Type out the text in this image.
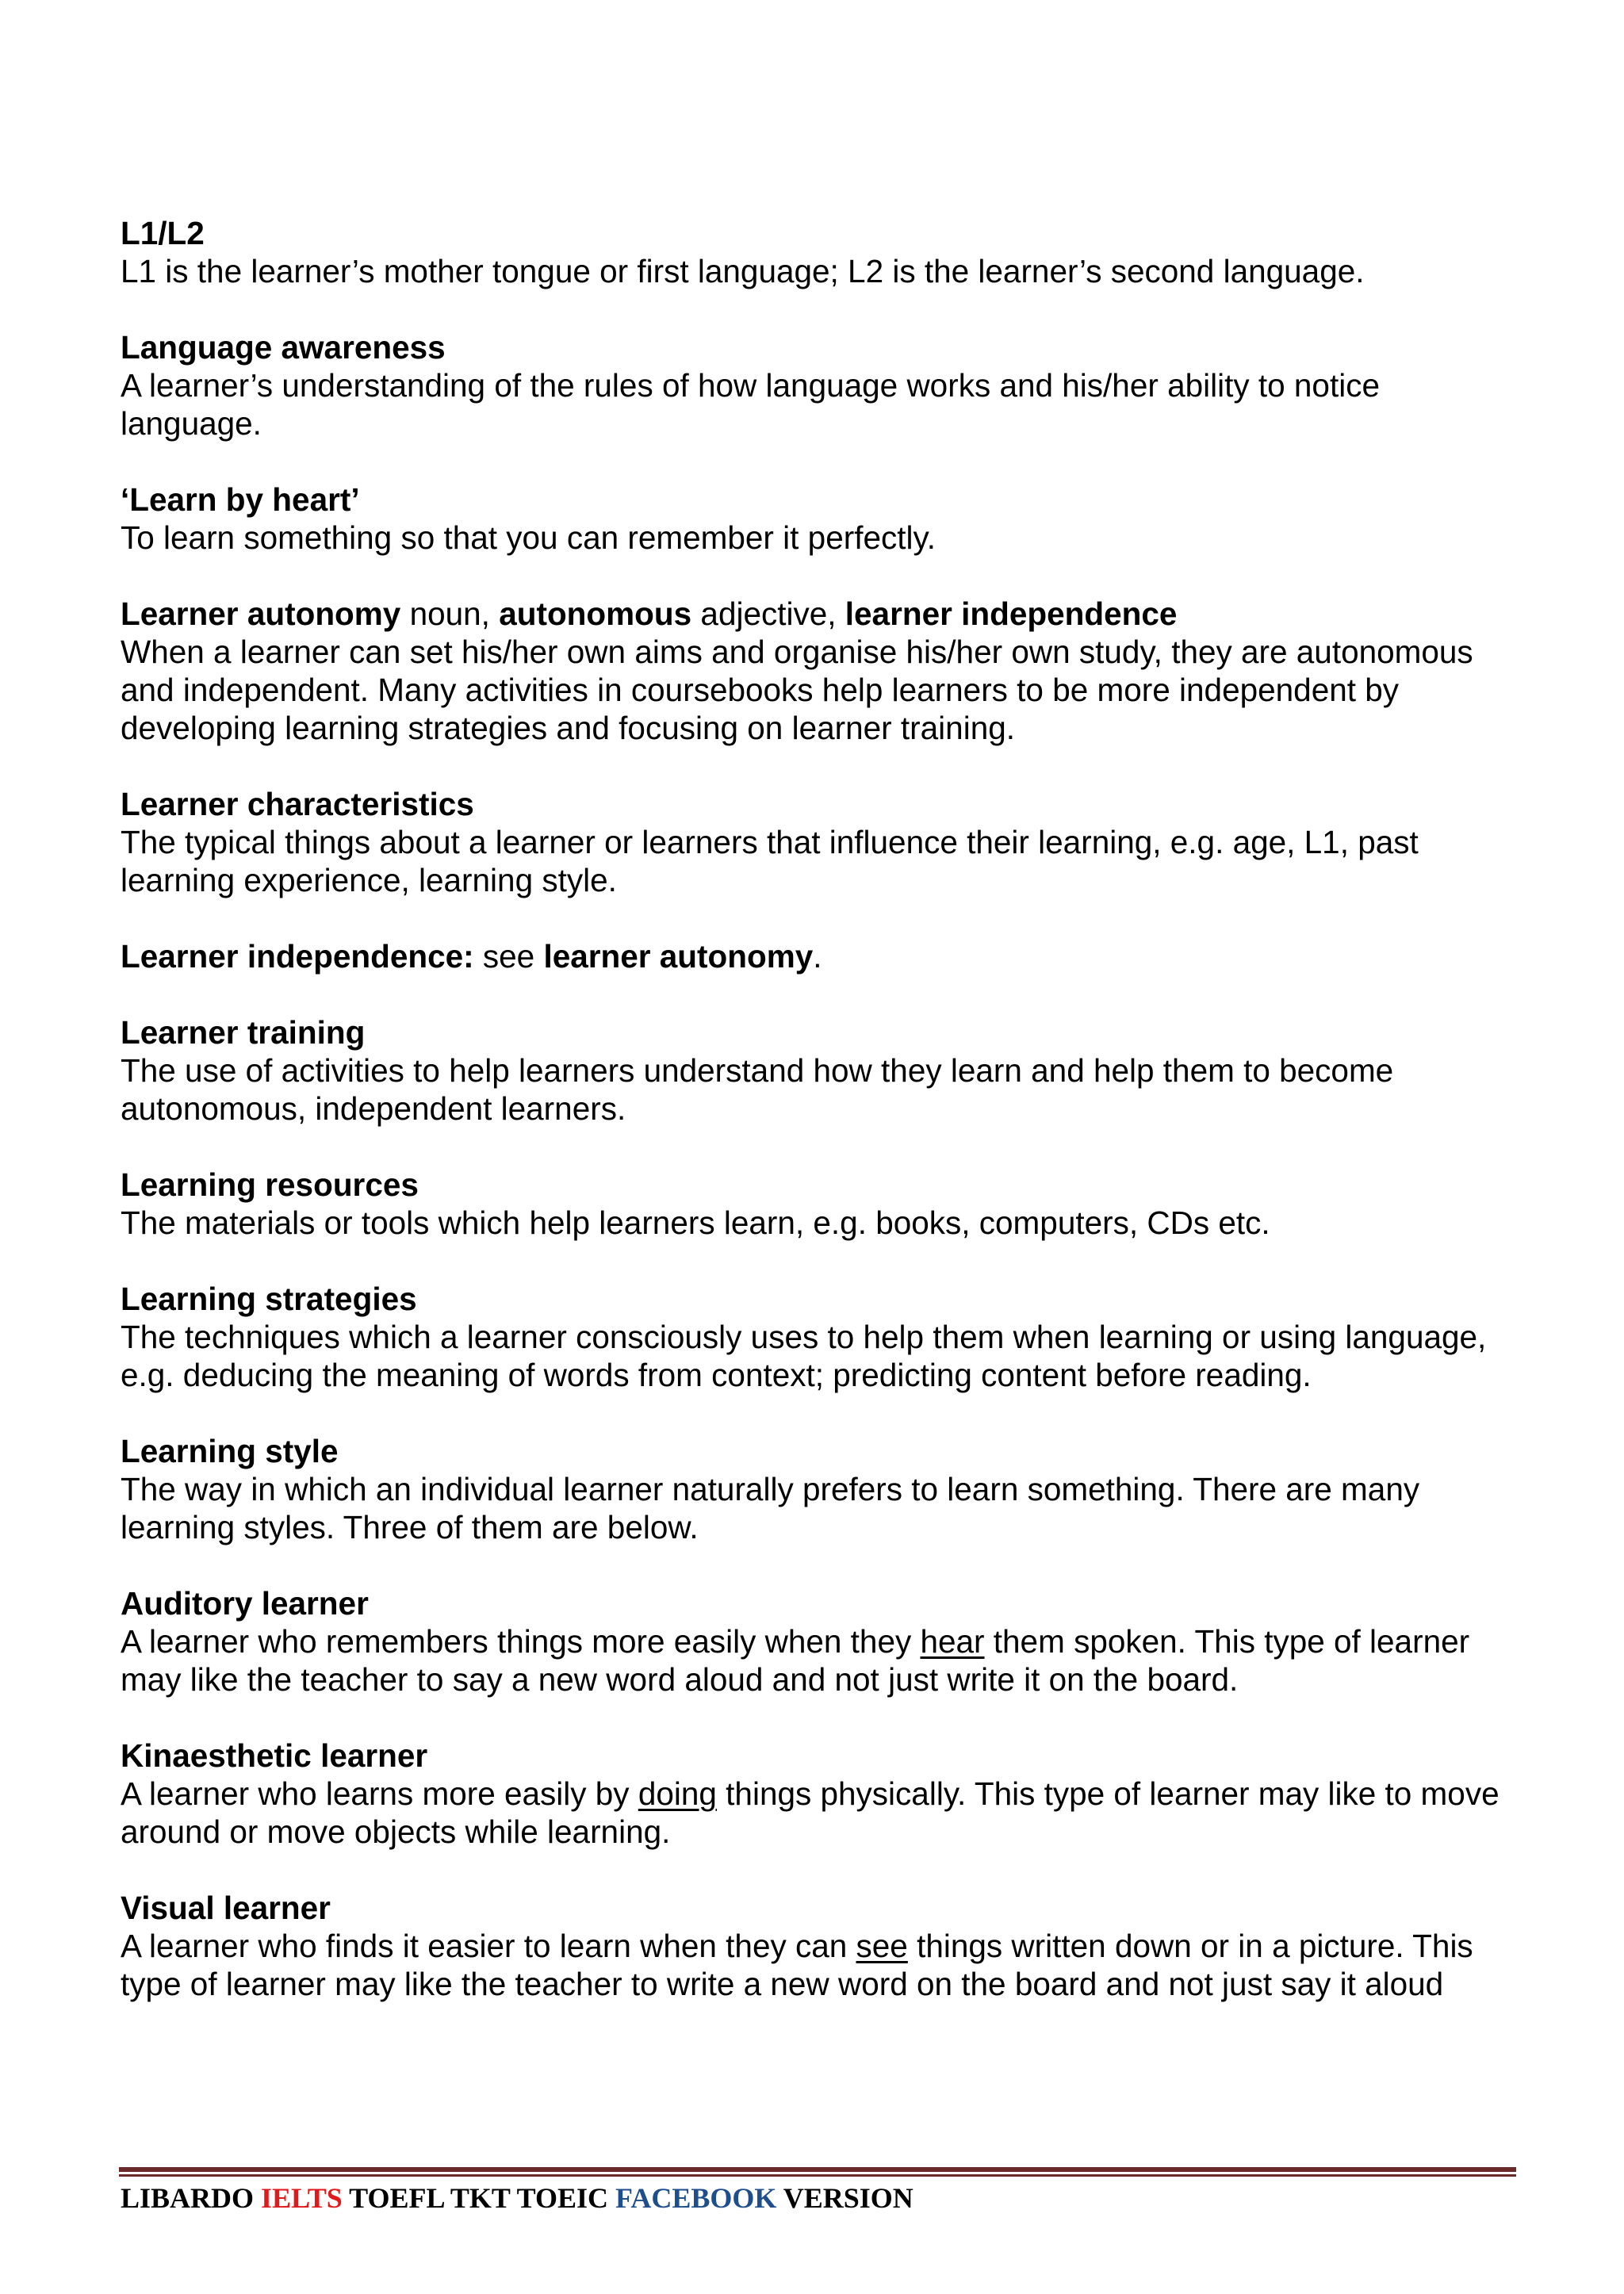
L1/L2

L1 is the learner’s mother tongue or first language; L2 is the learner’s second language.

Language awareness

A learner’s understanding of the rules of how language works and his/her ability to notice language.

‘Learn by heart’

To learn something so that you can remember it perfectly.

Learner autonomy noun, autonomous adjective, learner independence

When a learner can set his/her own aims and organise his/her own study, they are autonomous and independent. Many activities in coursebooks help learners to be more independent by developing learning strategies and focusing on learner training.

Learner characteristics

The typical things about a learner or learners that influence their learning, e.g. age, L1, past learning experience, learning style.

Learner independence: see learner autonomy.

Learner training

The use of activities to help learners understand how they learn and help them to become autonomous, independent learners.

Learning resources

The materials or tools which help learners learn, e.g. books, computers, CDs etc.

Learning strategies

The techniques which a learner consciously uses to help them when learning or using language, e.g. deducing the meaning of words from context; predicting content before reading.

Learning style

The way in which an individual learner naturally prefers to learn something. There are many learning styles. Three of them are below.

Auditory learner

A learner who remembers things more easily when they hear them spoken. This type of learner may like the teacher to say a new word aloud and not just write it on the board.

Kinaesthetic learner

A learner who learns more easily by doing things physically. This type of learner may like to move around or move objects while learning.

Visual learner

A learner who finds it easier to learn when they can see things written down or in a picture. This type of learner may like the teacher to write a new word on the board and not just say it aloud

LIBARDO IELTS TOEFL TKT TOEIC FACEBOOK VERSION
